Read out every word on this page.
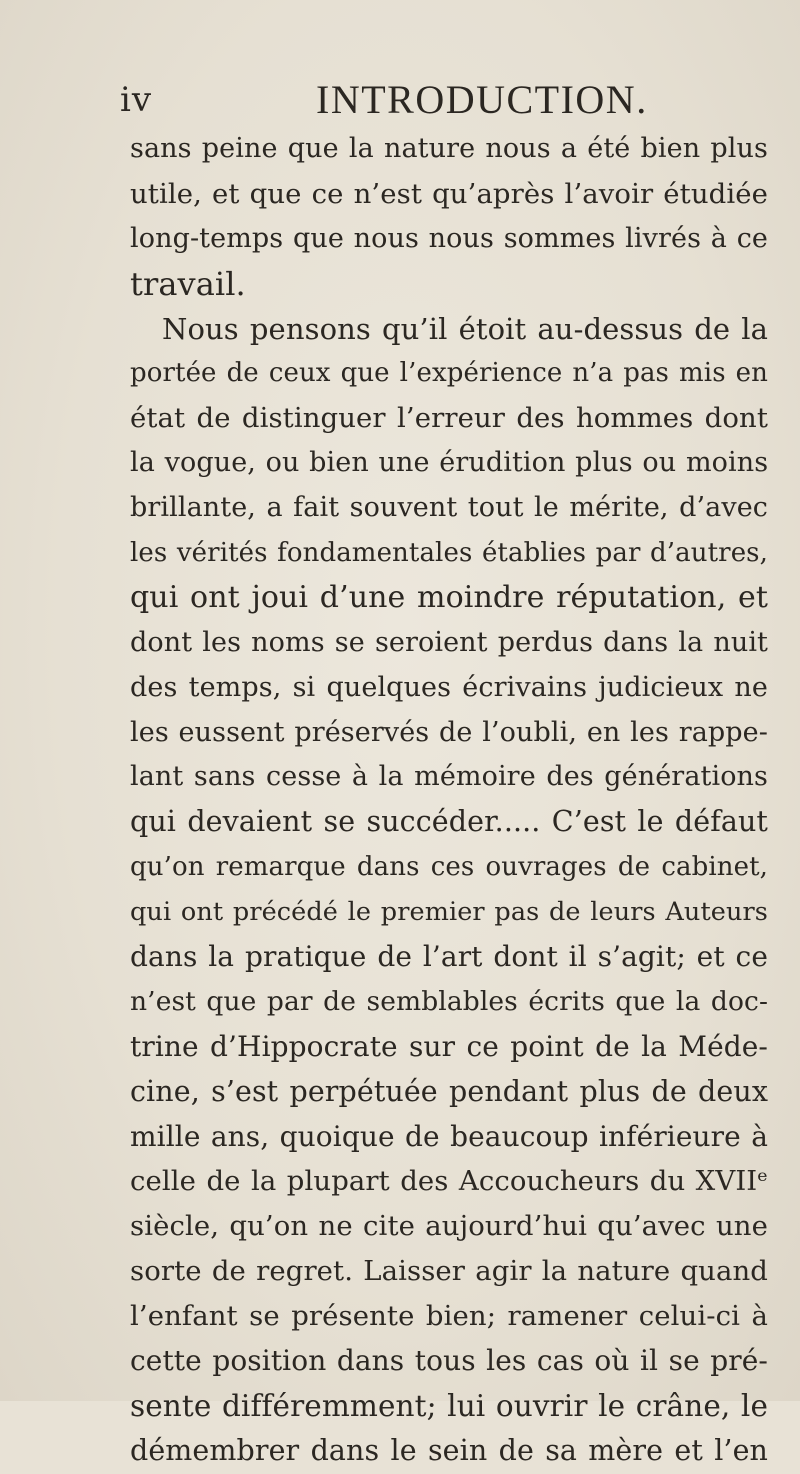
iv	INTRODUCTION.
sans peine que la nature nous a été bien plus
utile, et que ce n’est qu’après l’avoir étudiée
long-temps que nous nous sommes livrés à ce
travail.
Nous pensons qu’il étoit au-dessus de la
portée de ceux que l’expérience n’a pas mis en
état de distinguer l’erreur des hommes dont
la vogue, ou bien une érudition plus ou moins
brillante, a fait souvent tout le mérite, d’avec
les vérités fondamentales établies par d’autres,
qui ont joui d’une moindre réputation, et
dont les noms se seroient perdus dans la nuit
des temps, si quelques écrivains judicieux ne
les eussent préservés de l’oubli, en les rappe-
lant sans cesse à la mémoire des générations
qui devaient se succéder..... C’est le défaut
qu’on remarque dans ces ouvrages de cabinet,
qui ont précédé le premier pas de leurs Auteurs
dans la pratique de l’art dont il s’agit; et ce
n’est que par de semblables écrits que la doc-
trine d’Hippocrate sur ce point de la Méde-
cine, s’est perpétuée pendant plus de deux
mille ans, quoique de beaucoup inférieure à
celle de la plupart des Accoucheurs du XVIIᵉ
siècle, qu’on ne cite aujourd’hui qu’avec une
sorte de regret. Laisser agir la nature quand
l’enfant se présente bien; ramener celui-ci à
cette position dans tous les cas où il se pré-
sente différemment; lui ouvrir le crâne, le
démembrer dans le sein de sa mère et l’en
